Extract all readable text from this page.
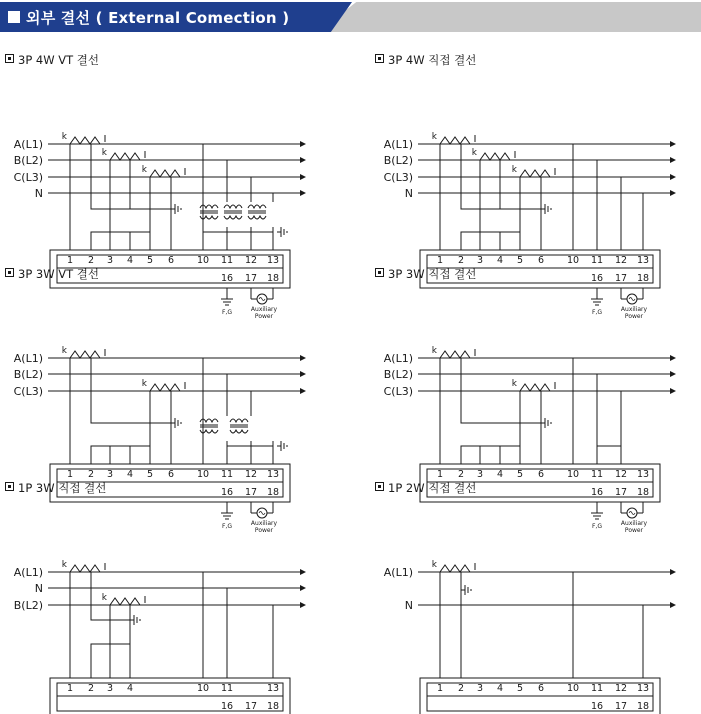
외부 결선 ( External Comection )
3P 4W VT 결선
A(L1)
B(L2)
C(L3)
N
k
k
k
1 2 3 4 5 6 10 11 12 13
16 17 18
F,G	Auxiliary
Power
3P 4W 직접 결선
A(L1)
B(L2)
C(L3)
N
k
k
k
1 2 3 4 5 6 10 11 12 13
16 17 18
F,G	Auxiliary
Power
3P 3W VT 결선
A(L1)
B(L2)
C(L3)
k
k
1 2 3 4 5 6 10 11 12 13
16 17 18
F,G	Auxiliary
Power
3P 3W 직접 결선
A(L1)
B(L2)
C(L3)
k
k
1 2 3 4 5 6 10 11 12 13
16 17 18
F,G	Auxiliary
Power
1P 3W 직접 결선
A(L1)
N
B(L2)
k
k
1 2 3 4	10 11	13
16 17 18
1P 2W 직접 결선
A(L1)
N
k
1 2 3 4 5 6 10 11 12 13
16 17 18
